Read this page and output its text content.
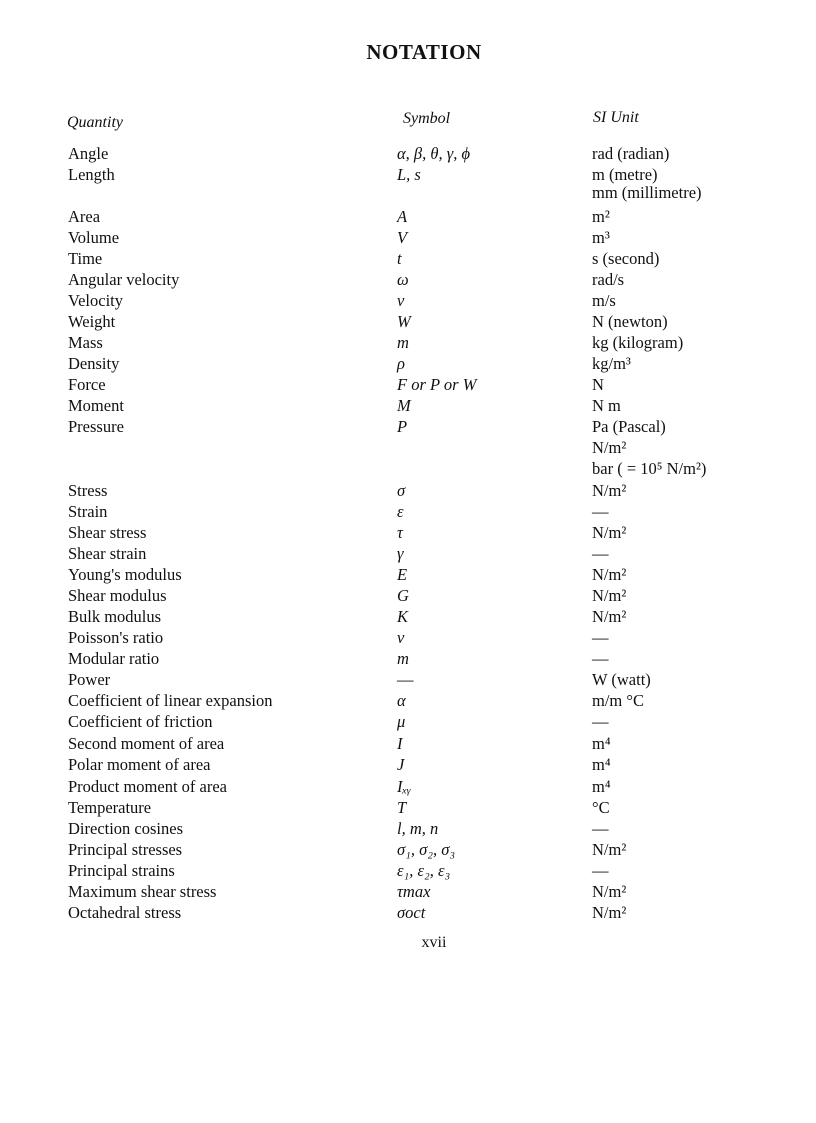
NOTATION
Quantity	Symbol	SI Unit
Angle	α, β, θ, γ, ϕ	rad (radian)
Length	L, s	m (metre)
mm (millimetre)
Area	A	m²
Volume	V	m³
Time	t	s (second)
Angular velocity	ω	rad/s
Velocity	v	m/s
Weight	W	N (newton)
Mass	m	kg (kilogram)
Density	ρ	kg/m³
Force	F or P or W	N
Moment	M	N m
Pressure	P	Pa (Pascal)
N/m²
bar ( = 10⁵ N/m²)
Stress	σ	N/m²
Strain	ε	—
Shear stress	τ	N/m²
Shear strain	γ	—
Young's modulus	E	N/m²
Shear modulus	G	N/m²
Bulk modulus	K	N/m²
Poisson's ratio	ν	—
Modular ratio	m	—
Power	—	W (watt)
Coefficient of linear expansion	α	m/m °C
Coefficient of friction	μ	—
Second moment of area	I	m⁴
Polar moment of area	J	m⁴
Product moment of area	Iₓᵧ	m⁴
Temperature	T	°C
Direction cosines	l, m, n	—
Principal stresses	σ₁, σ₂, σ₃	N/m²
Principal strains	ε₁, ε₂, ε₃	—
Maximum shear stress	τmax	N/m²
Octahedral stress	σoct	N/m²
xvii
